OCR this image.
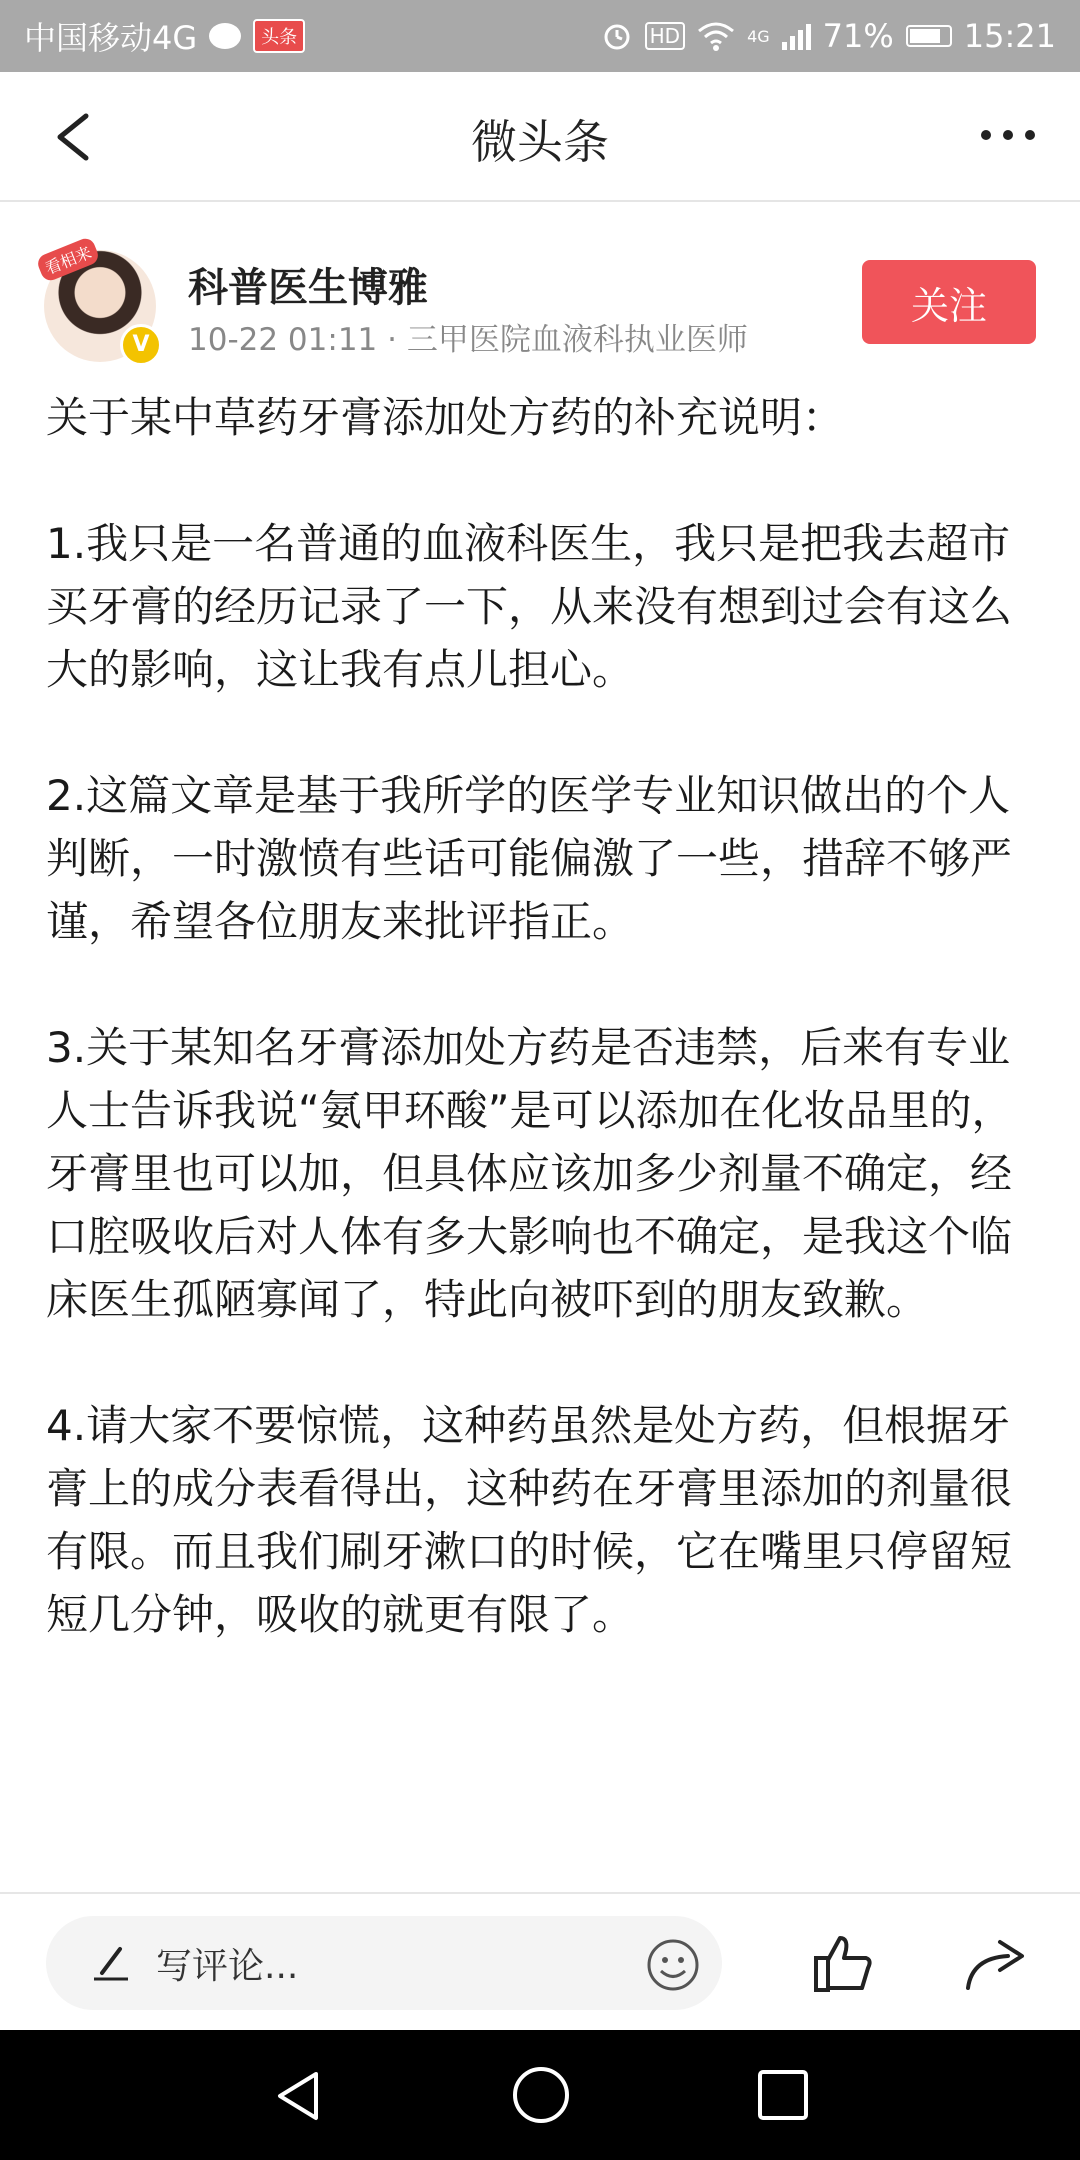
中国移动4G	头条	HD	4G 71% 15:21
微头条
看相来
V
科普医生博雅
10-22 01:11 · 三甲医院血液科执业医师
关注

关于某中草药牙膏添加处方药的补充说明：

1.我只是一名普通的血液科医生，我只是把我去超市买牙膏的经历记录了一下，从来没有想到过会有这么大的影响，这让我有点儿担心。

2.这篇文章是基于我所学的医学专业知识做出的个人判断，一时激愤有些话可能偏激了一些，措辞不够严谨，希望各位朋友来批评指正。

3.关于某知名牙膏添加处方药是否违禁，后来有专业人士告诉我说“氨甲环酸”是可以添加在化妆品里的，牙膏里也可以加，但具体应该加多少剂量不确定，经口腔吸收后对人体有多大影响也不确定，是我这个临床医生孤陋寡闻了，特此向被吓到的朋友致歉。

4.请大家不要惊慌，这种药虽然是处方药，但根据牙膏上的成分表看得出，这种药在牙膏里添加的剂量很有限。而且我们刷牙漱口的时候，它在嘴里只停留短短几分钟，吸收的就更有限了。

写评论...
